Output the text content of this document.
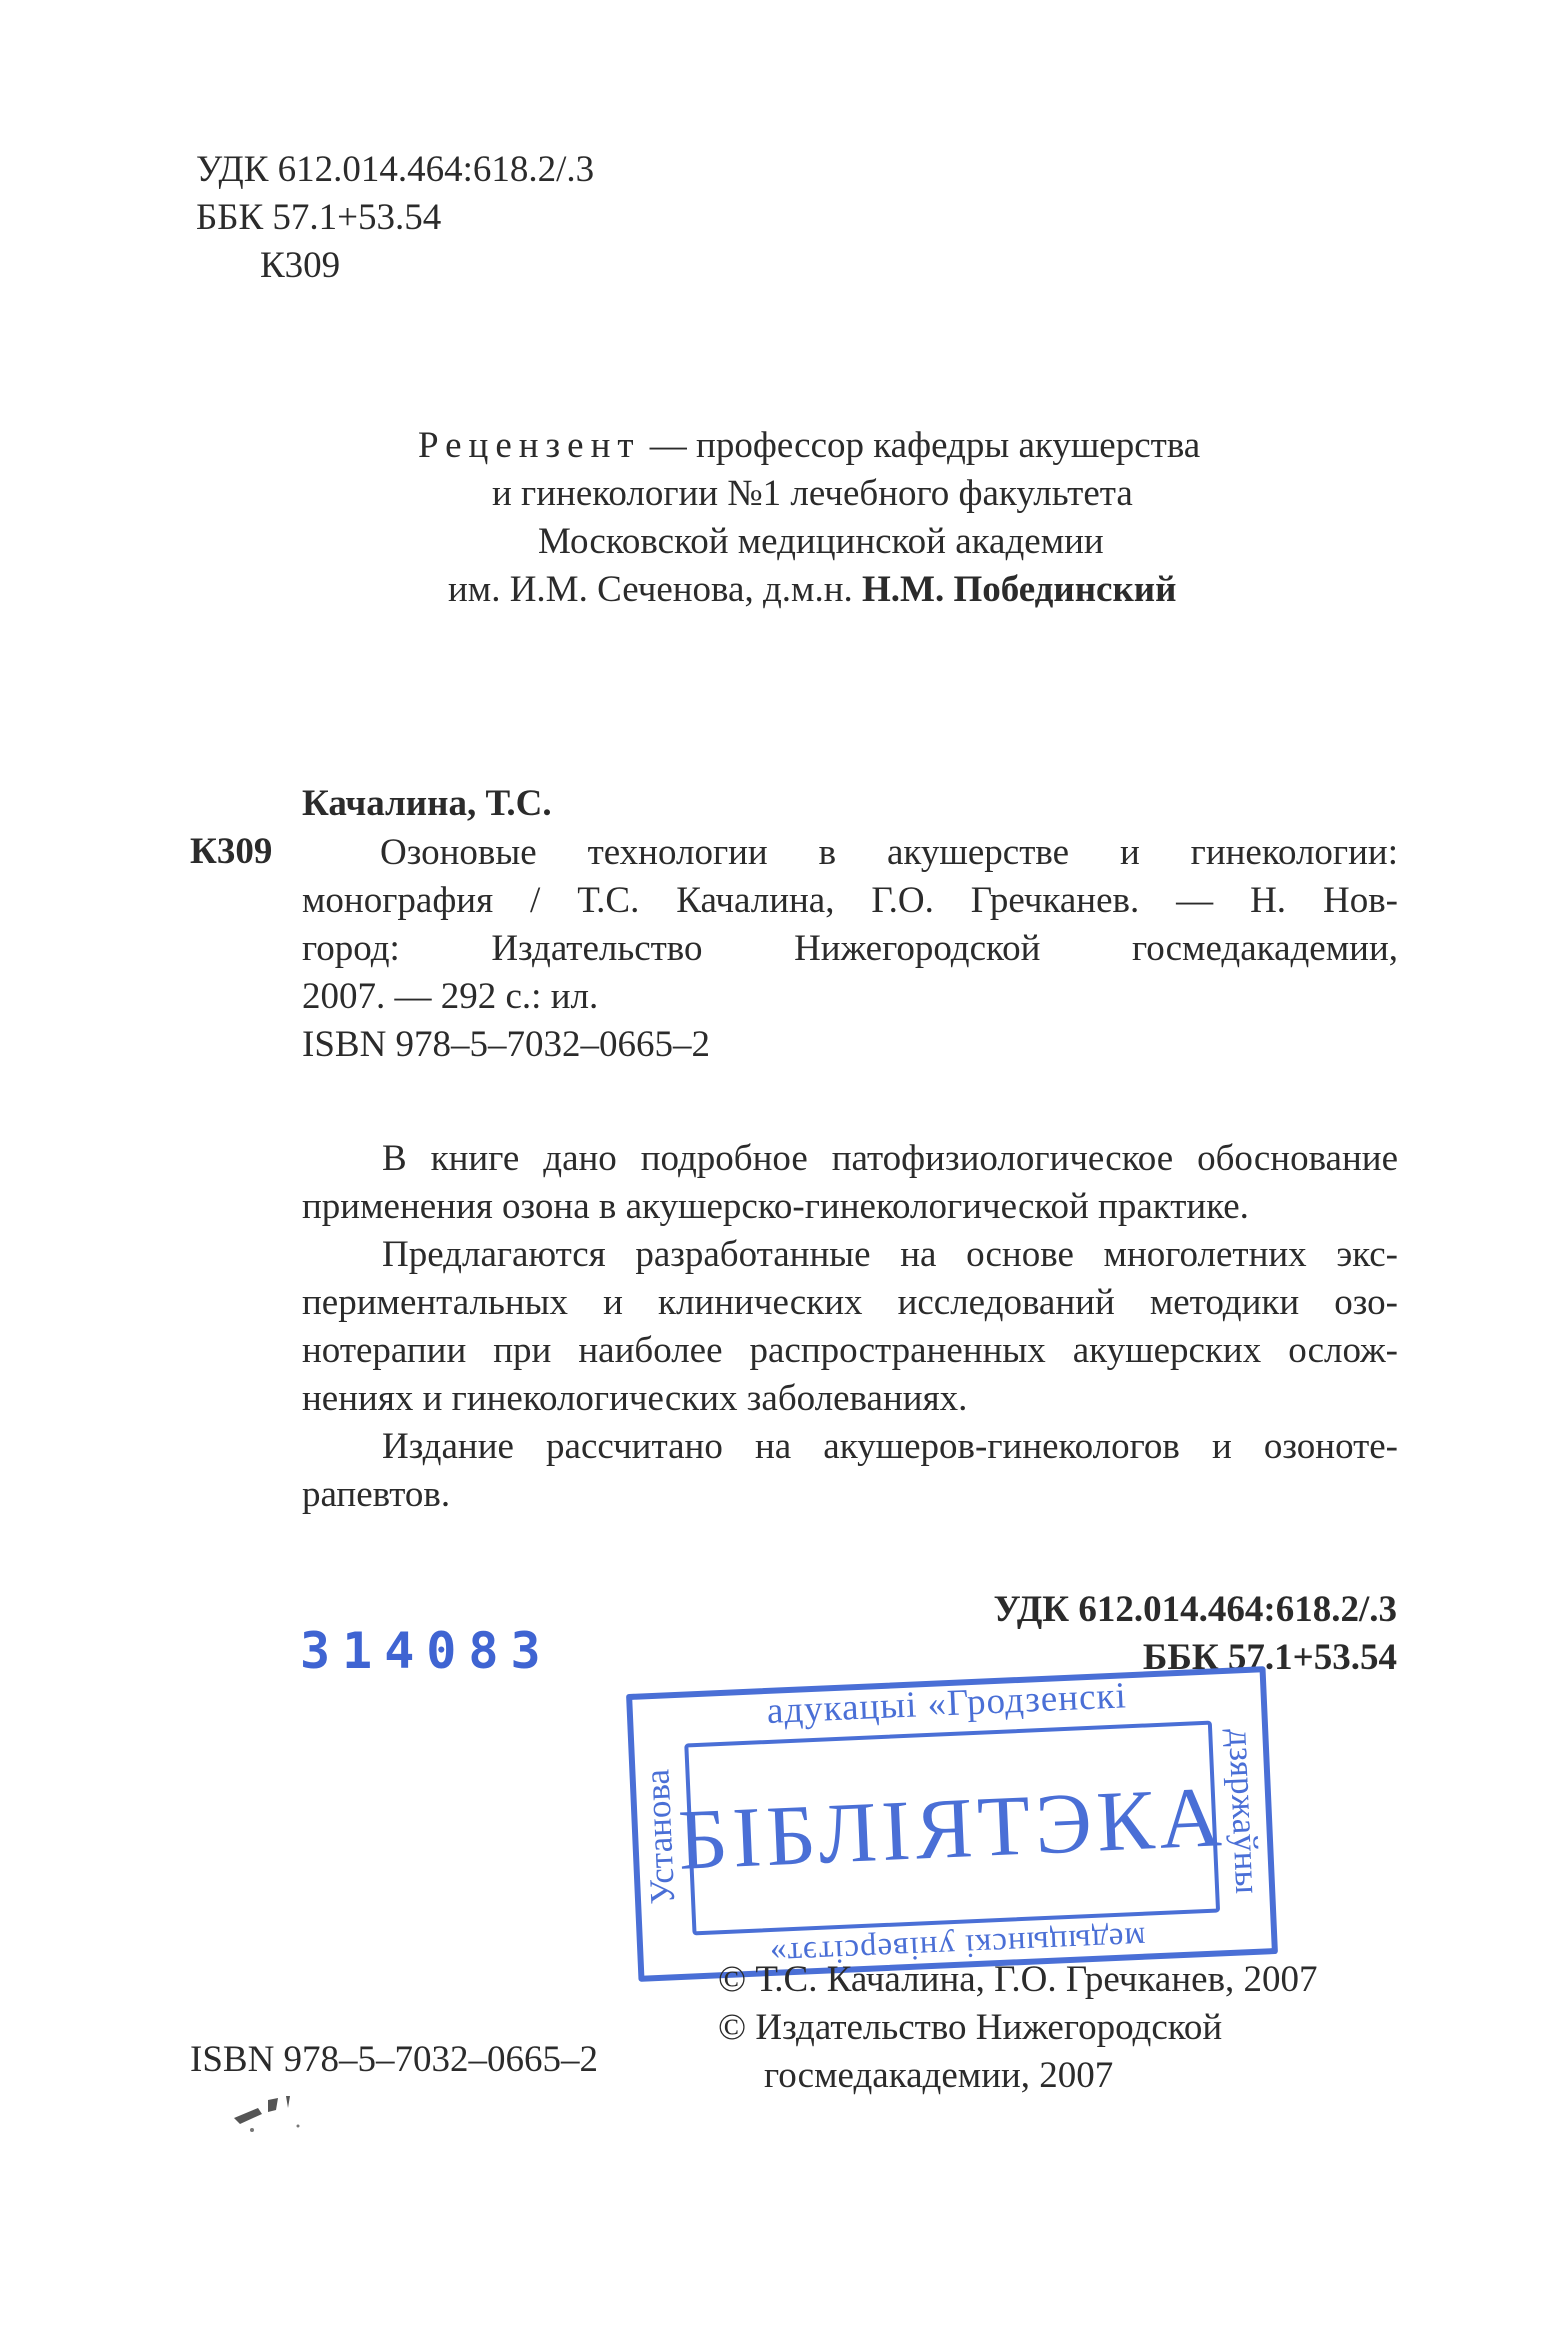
УДК 612.014.464:618.2/.3
ББК 57.1+53.54
К309
Рецензент — профессор кафедры акушерства
и гинекологии №1 лечебного факультета
Московской медицинской академии
им. И.М. Сеченова, д.м.н. Н.М. Побединский
Качалина, Т.С.
К309	Озоновые технологии в акушерстве и гинекологии:
монография / Т.С. Качалина, Г.О. Гречканев. — Н. Нов-
город: Издательство Нижегородской госмедакадемии,
2007. — 292 с.: ил.
ISBN 978–5–7032–0665–2
В книге дано подробное патофизиологическое обоснование
применения озона в акушерско-гинекологической практике.
Предлагаются разработанные на основе многолетних экс-
периментальных и клинических исследований методики озо-
нотерапии при наиболее распространенных акушерских ослож-
нениях и гинекологических заболеваниях.
Издание рассчитано на акушеров-гинекологов и озоноте-
рапевтов.
УДК 612.014.464:618.2/.3
ББК 57.1+53.54
314083
адукацыі «Гродзенскі
Установа	дзяржаўны
БІБЛІЯТЭКА
медыцынскі універсітэт»
© Т.С. Качалина, Г.О. Гречканев, 2007
© Издательство Нижегородской
госмедакадемии, 2007
ISBN 978–5–7032–0665–2
